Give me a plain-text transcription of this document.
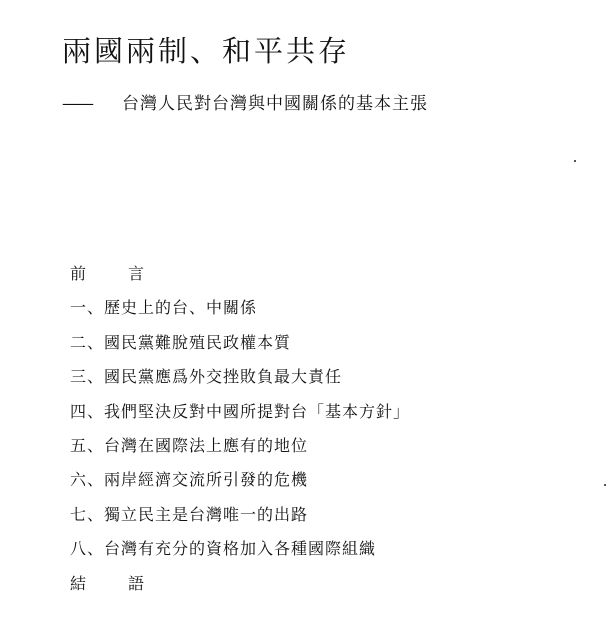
兩國兩制、和平共存

—— 台灣人民對台灣與中國關係的基本主張

前	言
一、歷史上的台、中關係
二、國民黨難脫殖民政權本質
三、國民黨應爲外交挫敗負最大責任
四、我們堅決反對中國所提對台「基本方針」
五、台灣在國際法上應有的地位
六、兩岸經濟交流所引發的危機
七、獨立民主是台灣唯一的出路
八、台灣有充分的資格加入各種國際組織
結	語
